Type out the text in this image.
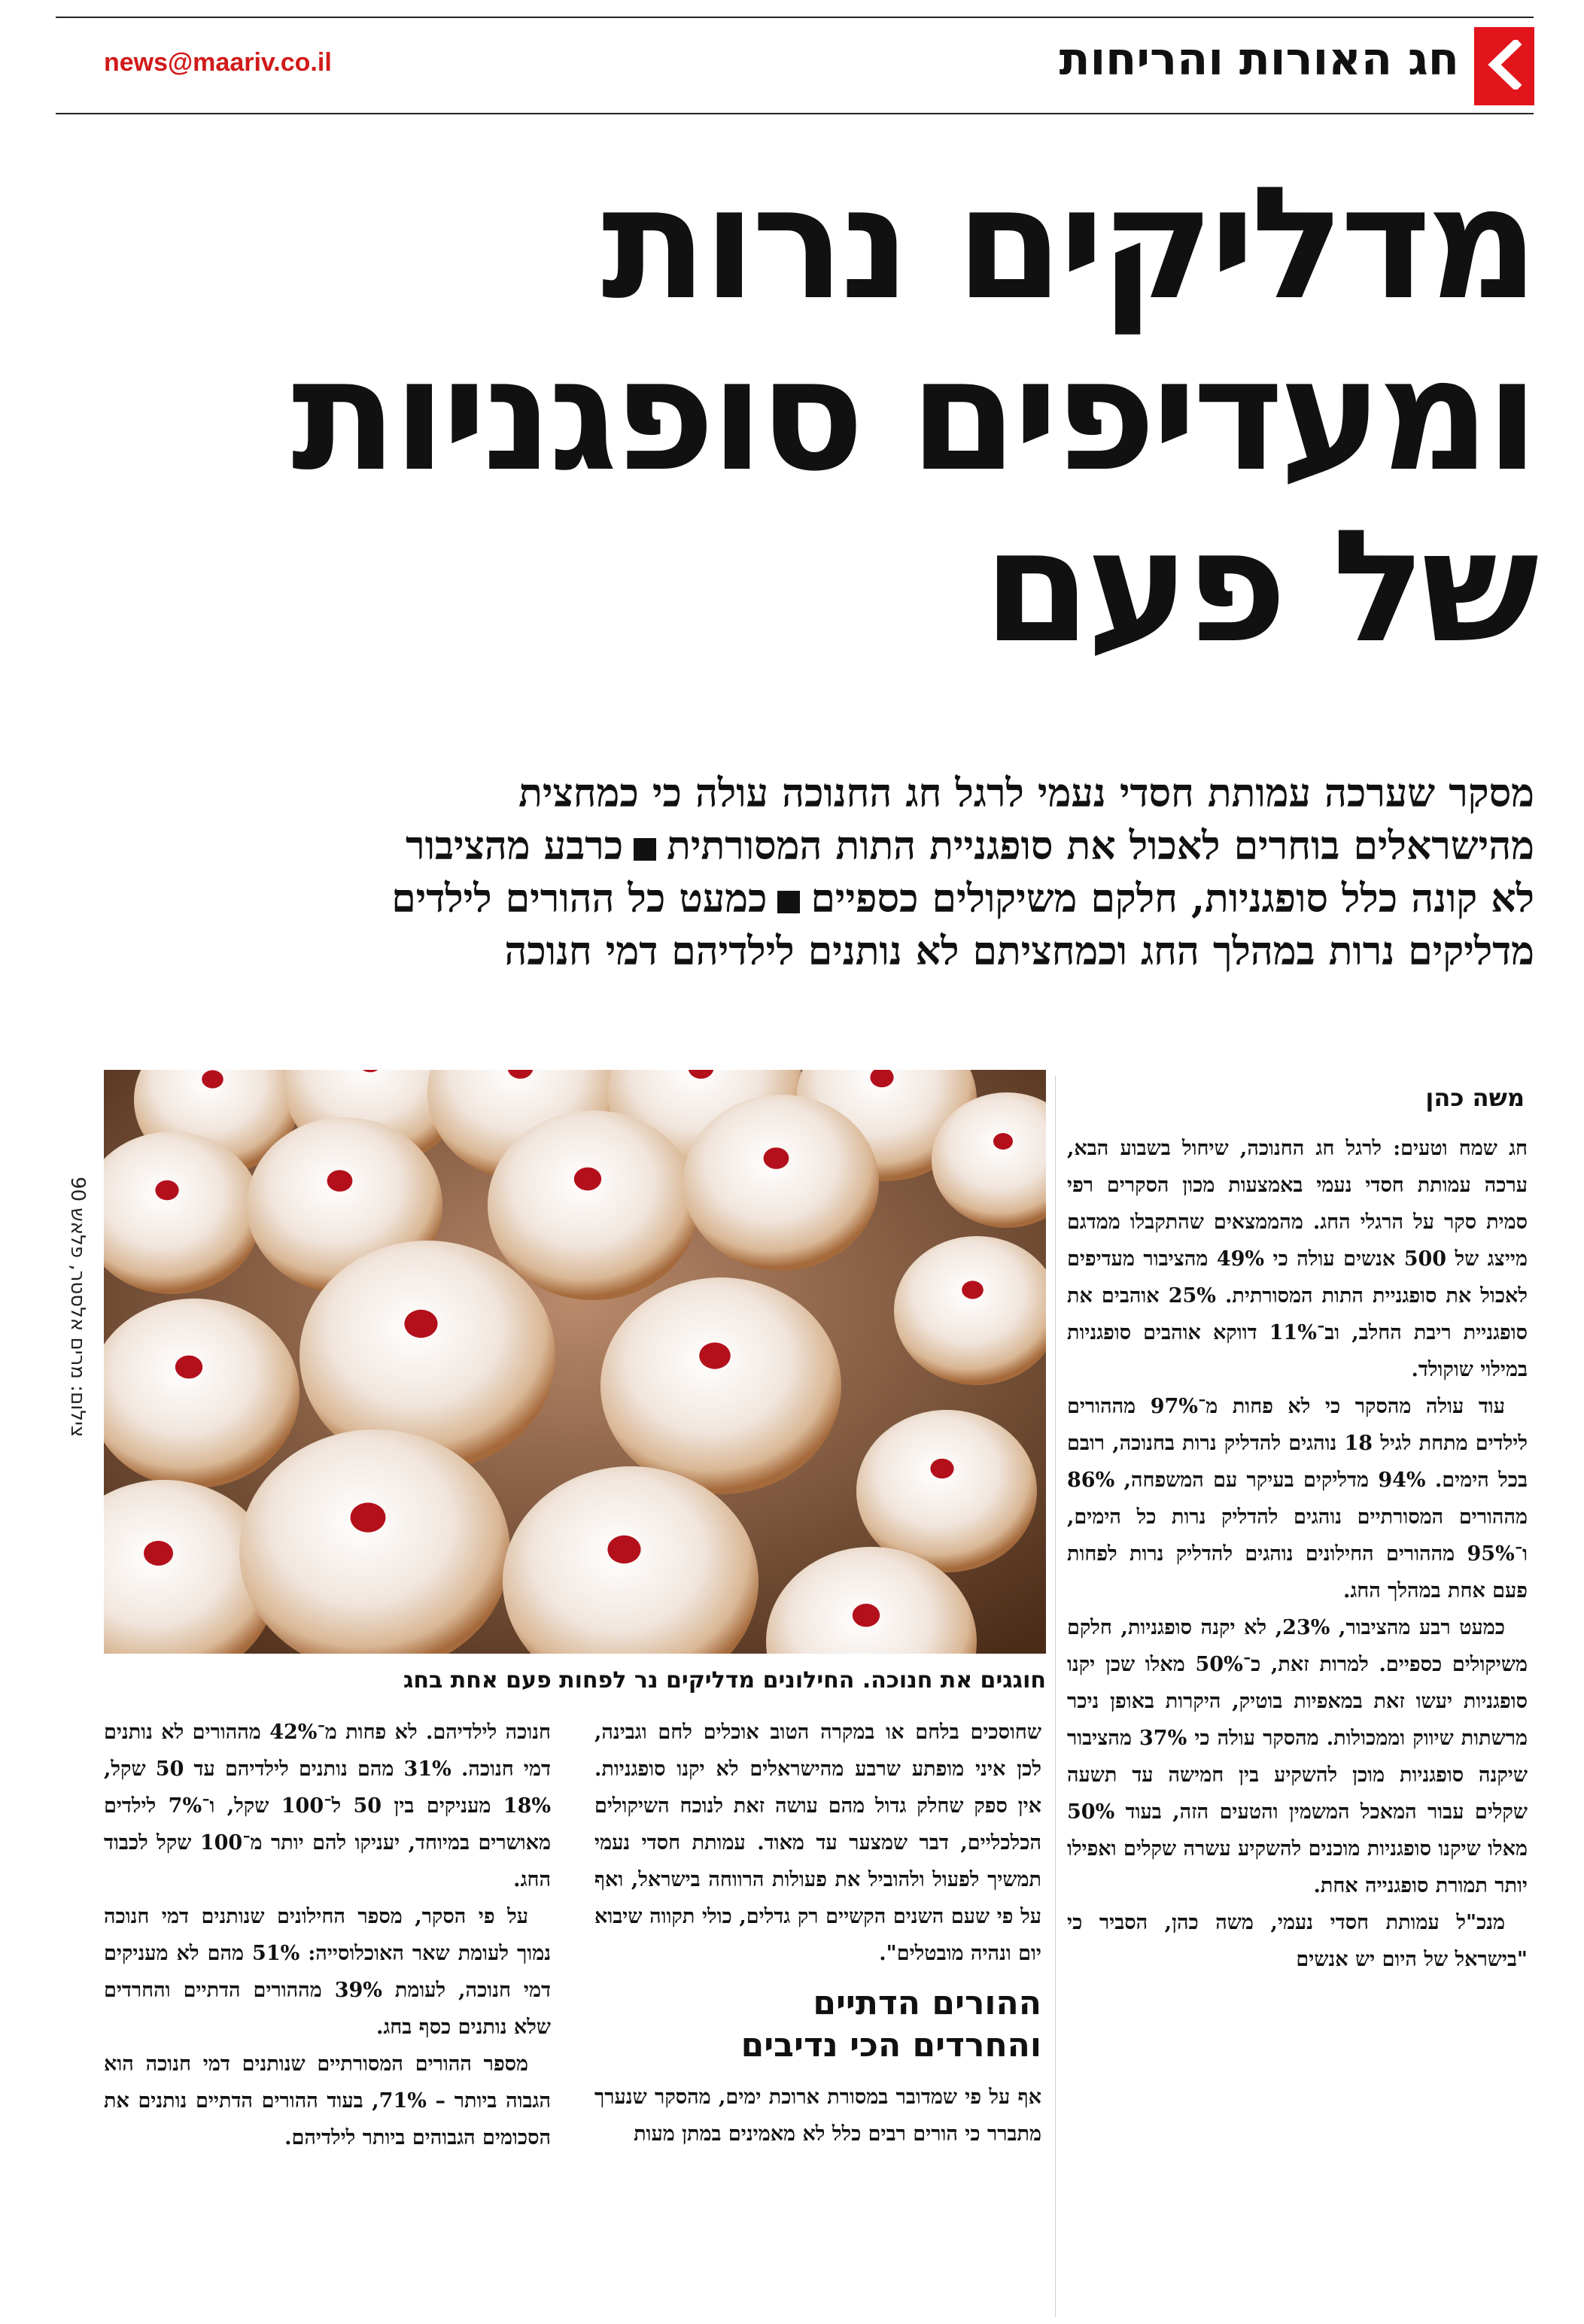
news@maariv.co.il	חג האורות והריחות
מדליקים נרות
ומעדיפים סופגניות
של פעם
מסקר שערכה עמותת חסדי נעמי לרגל חג החנוכה עולה כי כמחצית
מהישראלים בוחרים לאכול את סופגניית התות המסורתיתכרבע מהציבור
לא קונה כלל סופגניות, חלקם משיקולים כספייםכמעט כל ההורים לילדים
מדליקים נרות במהלך החג וכמחציתם לא נותנים לילדיהם דמי חנוכה
צילום: מרים אלסטר, פלאש 90
חוגגים את חנוכה. החילונים מדליקים נר לפחות פעם אחת בחג
משה כהן

חג שמח וטעים: לרגל חג החנוכה, שיחול בשבוע הבא, ערכה עמותת חסדי נעמי באמצעות מכון הסקרים רפי סמית סקר על הרגלי החג. מהממצאים שהתקבלו ממדגם מייצג של 500 אנשים עולה כי 49% מהציבור מעדיפים לאכול את סופגניית התות המסורתית. 25% אוהבים את סופגניית ריבת החלב, וב־11% דווקא אוהבים סופגניות במילוי שוקולד.

עוד עולה מהסקר כי לא פחות מ־97% מההורים לילדים מתחת לגיל 18 נוהגים להדליק נרות בחנוכה, רובם בכל הימים. 94% מדליקים בעיקר עם המשפחה, 86% מההורים המסורתיים נוהגים להדליק נרות כל הימים, ו־95% מההורים החילונים נוהגים להדליק נרות לפחות פעם אחת במהלך החג.

כמעט רבע מהציבור, 23%, לא יקנה סופגניות, חלקם משיקולים כספיים. למרות זאת, כ־50% מאלו שכן יקנו סופגניות יעשו זאת במאפיות בוטיק, היקרות באופן ניכר מרשתות שיווק וממכולות. מהסקר עולה כי 37% מהציבור שיקנה סופגניות מוכן להשקיע בין חמישה עד תשעה שקלים עבור המאכל המשמין והטעים הזה, בעוד 50% מאלו שיקנו סופגניות מוכנים להשקיע עשרה שקלים ואפילו יותר תמורת סופגנייה אחת.

מנכ"ל עמותת חסדי נעמי, משה כהן, הסביר כי "בישראל של היום יש אנשים

שחוסכים בלחם או במקרה הטוב אוכלים לחם וגבינה, לכן איני מופתע שרבע מהישראלים לא יקנו סופגניות. אין ספק שחלק גדול מהם עושה זאת לנוכח השיקולים הכלכליים, דבר שמצער עד מאוד. עמותת חסדי נעמי תמשיך לפעול ולהוביל את פעולות הרווחה בישראל, ואף על פי שעם השנים הקשיים רק גדלים, כולי תקווה שיבוא יום ונהיה מובטלים".

ההורים הדתיים
והחרדים הכי נדיבים

אף על פי שמדובר במסורת ארוכת ימים, מהסקר שנערך מתברר כי הורים רבים כלל לא מאמינים במתן מעות

חנוכה לילדיהם. לא פחות מ־42% מההורים לא נותנים דמי חנוכה. 31% מהם נותנים לילדיהם עד 50 שקל, 18% מעניקים בין 50 ל־100 שקל, ו־7% לילדים מאושרים במיוחד, יעניקו להם יותר מ־100 שקל לכבוד החג.

על פי הסקר, מספר החילונים שנותנים דמי חנוכה נמוך לעומת שאר האוכלוסייה: 51% מהם לא מעניקים דמי חנוכה, לעומת 39% מההורים הדתיים והחרדים שלא נותנים כסף בחג.

מספר ההורים המסורתיים שנותנים דמי חנוכה הוא הגבוה ביותר – 71%, בעוד ההורים הדתיים נותנים את הסכומים הגבוהים ביותר לילדיהם.
